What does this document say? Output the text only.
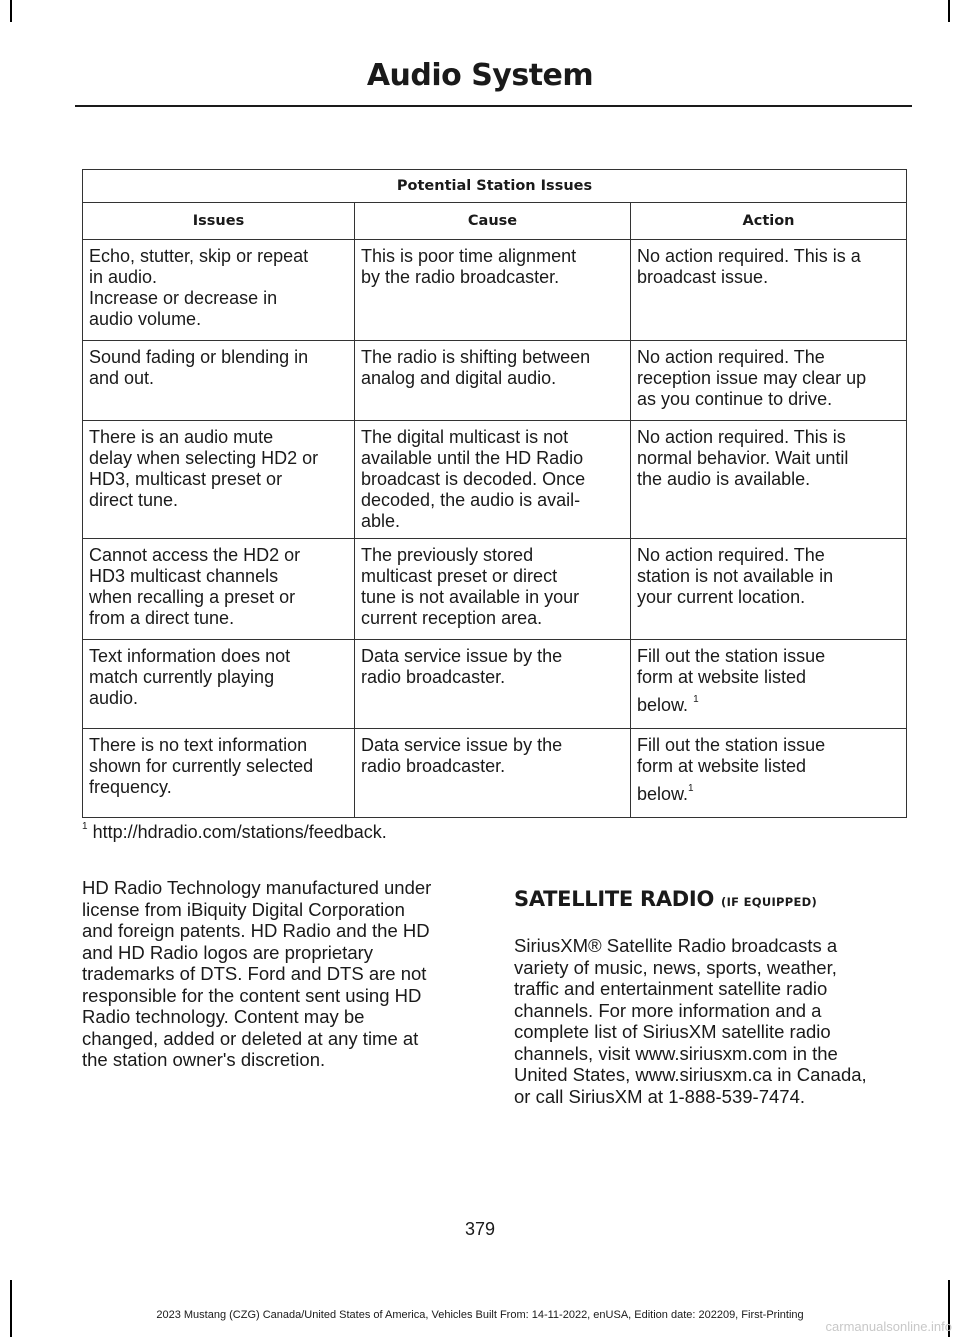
Audio System
Potential Station Issues		
Issues	Cause	Action

Echo, stutter, skip or repeat
in audio.
Increase or decrease in
audio volume.	This is poor time alignment
by the radio broadcaster.	No action required. This is a
broadcast issue.

Sound fading or blending in
and out.	The radio is shifting between
analog and digital audio.	No action required. The
reception issue may clear up
as you continue to drive.

There is an audio mute
delay when selecting HD2 or
HD3, multicast preset or
direct tune.	The digital multicast is not
available until the HD Radio
broadcast is decoded. Once
decoded, the audio is avail-
able.	No action required. This is
normal behavior. Wait until
the audio is available.

Cannot access the HD2 or
HD3 multicast channels
when recalling a preset or
from a direct tune.	The previously stored
multicast preset or direct
tune is not available in your
current reception area.	No action required. The
station is not available in
your current location.

Text information does not
match currently playing
audio.	Data service issue by the
radio broadcaster.	Fill out the station issue
form at website listed
below. $^1$

There is no text information
shown for currently selected
frequency.	Data service issue by the
radio broadcaster.	Fill out the station issue
form at website listed
below.$^1$
$^1$ http://hdradio.com/stations/feedback.
HD Radio Technology manufactured under
license from iBiquity Digital Corporation
and foreign patents. HD Radio and the HD
and HD Radio logos are proprietary
trademarks of DTS. Ford and DTS are not
responsible for the content sent using HD
Radio technology. Content may be
changed, added or deleted at any time at
the station owner's discretion.
SATELLITE RADIO (IF EQUIPPED)
SiriusXM® Satellite Radio broadcasts a
variety of music, news, sports, weather,
traffic and entertainment satellite radio
channels. For more information and a
complete list of SiriusXM satellite radio
channels, visit www.siriusxm.com in the
United States, www.siriusxm.ca in Canada,
or call SiriusXM at 1-888-539-7474.
379
2023 Mustang (CZG) Canada/United States of America, Vehicles Built From: 14-11-2022, enUSA, Edition date: 202209, First-Printing
carmanualsonline.info
